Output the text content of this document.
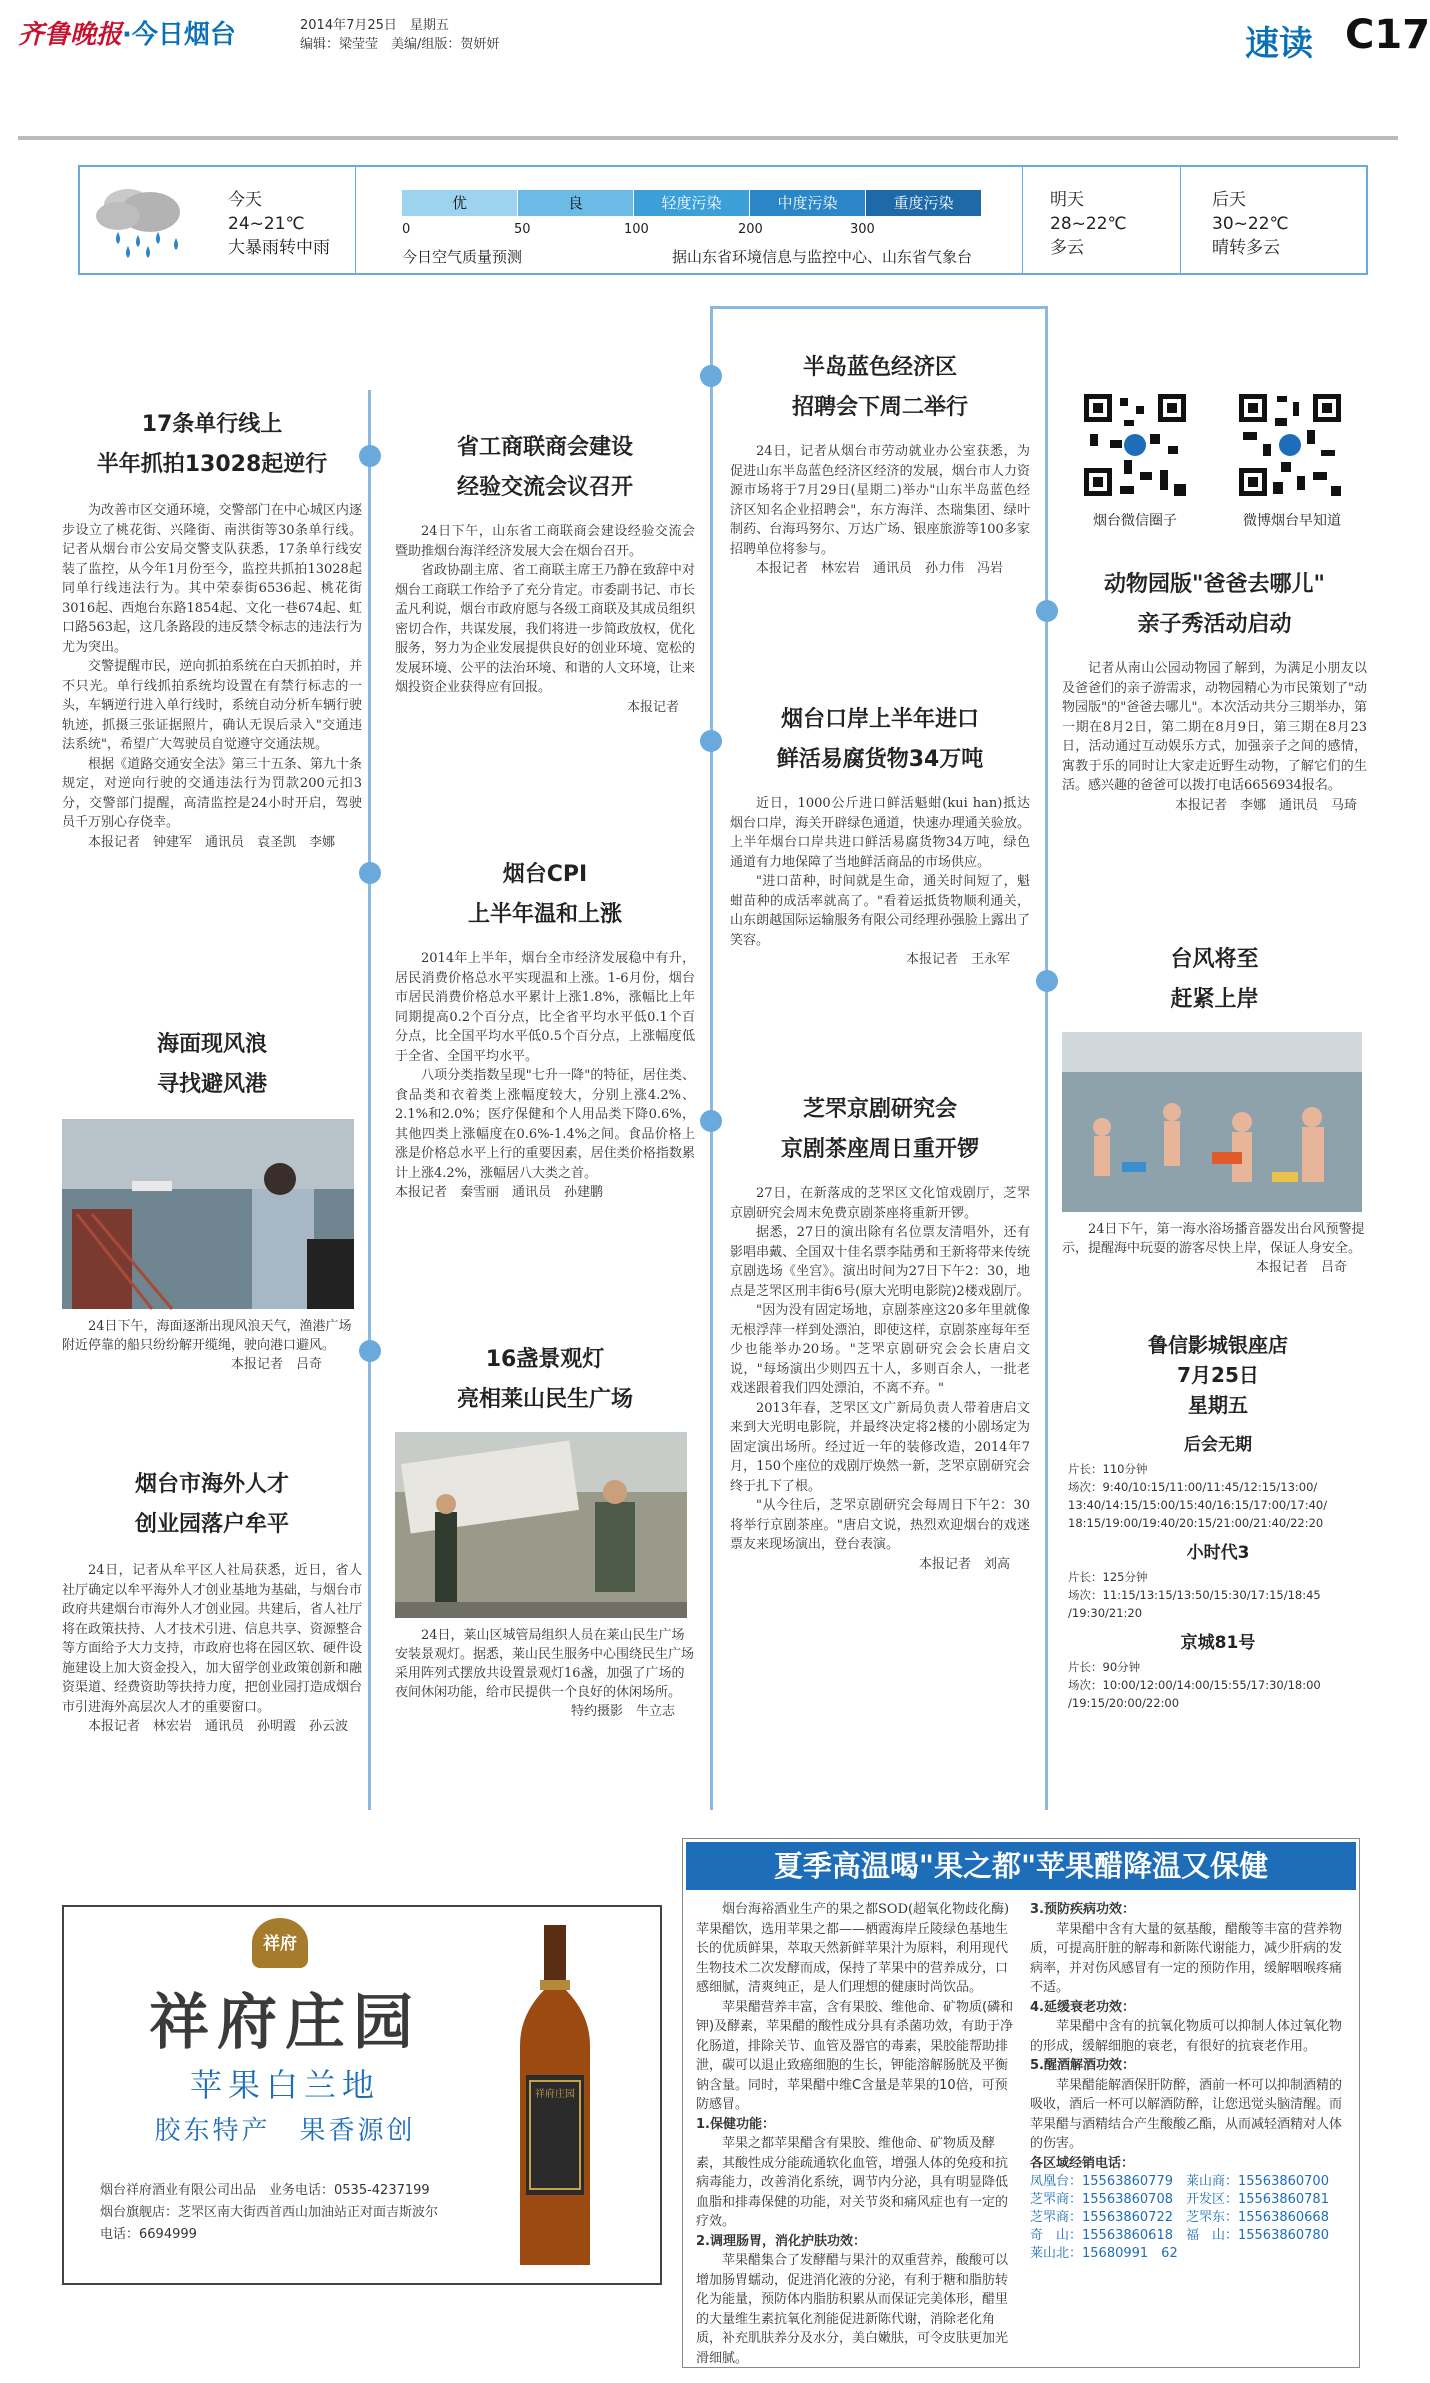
齐鲁晚报·今日烟台	2014年7月25日　星期五
编辑：梁莹莹　美编/组版：贺妍妍	速读 C17
今天
24~21℃
大暴雨转中雨
优	良	轻度污染	中度污染	重度污染
0	50	100	200	300
今日空气质量预测	据山东省环境信息与监控中心、山东省气象台
明天
28~22℃
多云
后天
30~22℃
晴转多云
17条单行线上
半年抓拍13028起逆行

为改善市区交通环境，交警部门在中心城区内逐步设立了桃花街、兴隆街、南洪街等30条单行线。记者从烟台市公安局交警支队获悉，17条单行线安装了监控，从今年1月份至今，监控共抓拍13028起同单行线违法行为。其中荣泰街6536起、桃花街3016起、西炮台东路1854起、文化一巷674起、虹口路563起，这几条路段的违反禁令标志的违法行为尤为突出。

交警提醒市民，逆向抓拍系统在白天抓拍时，并不只光。单行线抓拍系统均设置在有禁行标志的一头，车辆逆行进入单行线时，系统自动分析车辆行驶轨迹，抓摄三张证据照片，确认无误后录入"交通违法系统"，希望广大驾驶员自觉遵守交通法规。

根据《道路交通安全法》第三十五条、第九十条规定，对逆向行驶的交通违法行为罚款200元扣3分，交警部门提醒，高清监控是24小时开启，驾驶员千万别心存侥幸。

本报记者　钟建军　通讯员　袁圣凯　李娜
海面现风浪
寻找避风港
24日下午，海面逐渐出现风浪天气，渔港广场附近停靠的船只纷纷解开缆绳，驶向港口避风。
本报记者　吕奇
烟台市海外人才
创业园落户牟平

24日，记者从牟平区人社局获悉，近日，省人社厅确定以牟平海外人才创业基地为基础，与烟台市政府共建烟台市海外人才创业园。共建后，省人社厅将在政策扶持、人才技术引进、信息共享、资源整合等方面给予大力支持，市政府也将在园区软、硬件设施建设上加大资金投入，加大留学创业政策创新和融资渠道、经费资助等扶持力度，把创业园打造成烟台市引进海外高层次人才的重要窗口。

本报记者　林宏岩　通讯员　孙明霞　孙云波
省工商联商会建设
经验交流会议召开

24日下午，山东省工商联商会建设经验交流会暨助推烟台海洋经济发展大会在烟台召开。

省政协副主席、省工商联主席王乃静在致辞中对烟台工商联工作给予了充分肯定。市委副书记、市长孟凡利说，烟台市政府愿与各级工商联及其成员组织密切合作，共谋发展，我们将进一步简政放权，优化服务，努力为企业发展提供良好的创业环境、宽松的发展环境、公平的法治环境、和谐的人文环境，让来烟投资企业获得应有回报。

本报记者
烟台CPI
上半年温和上涨

2014年上半年，烟台全市经济发展稳中有升，居民消费价格总水平实现温和上涨。1-6月份，烟台市居民消费价格总水平累计上涨1.8%，涨幅比上年同期提高0.2个百分点，比全省平均水平低0.1个百分点，比全国平均水平低0.5个百分点，上涨幅度低于全省、全国平均水平。

八项分类指数呈现"七升一降"的特征，居住类、食品类和衣着类上涨幅度较大，分别上涨4.2%、2.1%和2.0%；医疗保健和个人用品类下降0.6%，其他四类上涨幅度在0.6%-1.4%之间。食品价格上涨是价格总水平上行的重要因素，居住类价格指数累计上涨4.2%，涨幅居八大类之首。

本报记者　秦雪丽　通讯员　孙建鹏
16盏景观灯
亮相莱山民生广场
24日，莱山区城管局组织人员在莱山民生广场安装景观灯。据悉，莱山民生服务中心围绕民生广场采用阵列式摆放共设置景观灯16盏，加强了广场的夜间休闲功能，给市民提供一个良好的休闲场所。
特约摄影　牛立志
半岛蓝色经济区
招聘会下周二举行

24日，记者从烟台市劳动就业办公室获悉，为促进山东半岛蓝色经济区经济的发展，烟台市人力资源市场将于7月29日(星期二)举办"山东半岛蓝色经济区知名企业招聘会"，东方海洋、杰瑞集团、绿叶制药、台海玛努尔、万达广场、银座旅游等100多家招聘单位将参与。

本报记者　林宏岩　通讯员　孙力伟　冯岩
烟台口岸上半年进口
鲜活易腐货物34万吨

近日，1000公斤进口鲜活魁蚶(kui han)抵达烟台口岸，海关开辟绿色通道，快速办理通关验放。上半年烟台口岸共进口鲜活易腐货物34万吨，绿色通道有力地保障了当地鲜活商品的市场供应。

"进口苗种，时间就是生命，通关时间短了，魁蚶苗种的成活率就高了。"看着运抵货物顺利通关，山东朗越国际运输服务有限公司经理孙强脸上露出了笑容。

本报记者　王永军
芝罘京剧研究会
京剧茶座周日重开锣

27日，在新落成的芝罘区文化馆戏剧厅，芝罘京剧研究会周末免费京剧茶座将重新开锣。

据悉，27日的演出除有名位票友清唱外，还有影唱串戴、全国双十佳名票李陆勇和王新将带来传统京剧选场《坐宫》。演出时间为27日下午2：30，地点是芝罘区刑丰街6号(原大光明电影院)2楼戏剧厅。

"因为没有固定场地，京剧茶座这20多年里就像无根浮萍一样到处漂泊，即使这样，京剧茶座每年至少也能举办20场。"芝罘京剧研究会会长唐启文说，"每场演出少则四五十人，多则百余人，一批老戏迷跟着我们四处漂泊，不离不弃。"

2013年春，芝罘区文广新局负责人带着唐启文来到大光明电影院，并最终决定将2楼的小剧场定为固定演出场所。经过近一年的装修改造，2014年7月，150个座位的戏剧厅焕然一新，芝罘京剧研究会终于扎下了根。

"从今往后，芝罘京剧研究会每周日下午2：30将举行京剧茶座。"唐启文说，热烈欢迎烟台的戏迷票友来现场演出，登台表演。

本报记者　刘高
烟台微信圈子	微博烟台早知道
动物园版"爸爸去哪儿"
亲子秀活动启动

记者从南山公园动物园了解到，为满足小朋友以及爸爸们的亲子游需求，动物园精心为市民策划了"动物园版"的"爸爸去哪儿"。本次活动共分三期举办，第一期在8月2日，第二期在8月9日，第三期在8月23日，活动通过互动娱乐方式，加强亲子之间的感情，寓教于乐的同时让大家走近野生动物，了解它们的生活。感兴趣的爸爸可以拨打电话6656934报名。

本报记者　李娜　通讯员　马琦
台风将至
赶紧上岸
24日下午，第一海水浴场播音器发出台风预警提示，提醒海中玩耍的游客尽快上岸，保证人身安全。
本报记者　吕奇
鲁信影城银座店
7月25日
星期五
后会无期
片长：110分钟
场次：9:40/10:15/11:00/11:45/12:15/13:00/
13:40/14:15/15:00/15:40/16:15/17:00/17:40/
18:15/19:00/19:40/20:15/21:00/21:40/22:20
小时代3
片长：125分钟
场次：11:15/13:15/13:50/15:30/17:15/18:45
/19:30/21:20
京城81号
片长：90分钟
场次：10:00/12:00/14:00/15:55/17:30/18:00
/19:15/20:00/22:00
祥府
祥府庄园
苹果白兰地
胶东特产　果香源创
烟台祥府酒业有限公司出品　业务电话：0535-4237199
烟台旗舰店：芝罘区南大街西首西山加油站正对面吉斯波尔
电话：6694999
祥府庄园
夏季高温喝"果之都"苹果醋降温又保健

烟台海裕酒业生产的果之都SOD(超氧化物歧化酶)苹果醋饮，选用苹果之都——栖霞海岸丘陵绿色基地生长的优质鲜果，萃取天然新鲜苹果汁为原料，利用现代生物技术二次发酵而成，保持了苹果中的营养成分，口感细腻，清爽纯正，是人们理想的健康时尚饮品。

苹果醋营养丰富，含有果胶、维他命、矿物质(磷和钾)及酵素，苹果醋的酸性成分具有杀菌功效，有助于净化肠道，排除关节、血管及器官的毒素，果胶能帮助排泄，碳可以退止致癌细胞的生长，钾能溶解肠胱及平衡钠含量。同时，苹果醋中维C含量是苹果的10倍，可预防感冒。

1.保健功能：

苹果之都苹果醋含有果胶、维他命、矿物质及酵素，其酸性成分能疏通软化血管，增强人体的免疫和抗病毒能力，改善消化系统，调节内分泌，具有明显降低血脂和排毒保健的功能，对关节炎和痛风症也有一定的疗效。

2.调理肠胃，消化护肤功效：

苹果醋集合了发酵醋与果汁的双重营养，酸酸可以增加肠胃蠕动，促进消化液的分泌，有利于糖和脂肪转化为能量，预防体内脂肪积累从而保证完美体形，醋里的大量维生素抗氧化剂能促进新陈代谢，消除老化角质，补充肌肤养分及水分，美白嫩肤，可令皮肤更加光滑细腻。

3.预防疾病功效：

苹果醋中含有大量的氨基酸，醋酸等丰富的营养物质，可提高肝脏的解毒和新陈代谢能力，减少肝病的发病率，并对伤风感冒有一定的预防作用，缓解咽喉疼痛不适。

4.延缓衰老功效：

苹果醋中含有的抗氧化物质可以抑制人体过氧化物的形成，缓解细胞的衰老，有很好的抗衰老作用。

5.醒酒解酒功效：

苹果醋能解酒保肝防醉，酒前一杯可以抑制酒精的吸收，酒后一杯可以解酒防醉，让您迅觉头脑清醒。而苹果醋与酒精结合产生酸酸乙酯，从而减轻酒精对人体的伤害。

各区域经销电话：

凤凰台：15563860779　莱山商：15563860700
芝罘商：15563860708　开发区：15563860781
芝罘商：15563860722　芝罘东：15563860668
奇　山：15563860618　福　山：15563860780
莱山北：15680991　62
